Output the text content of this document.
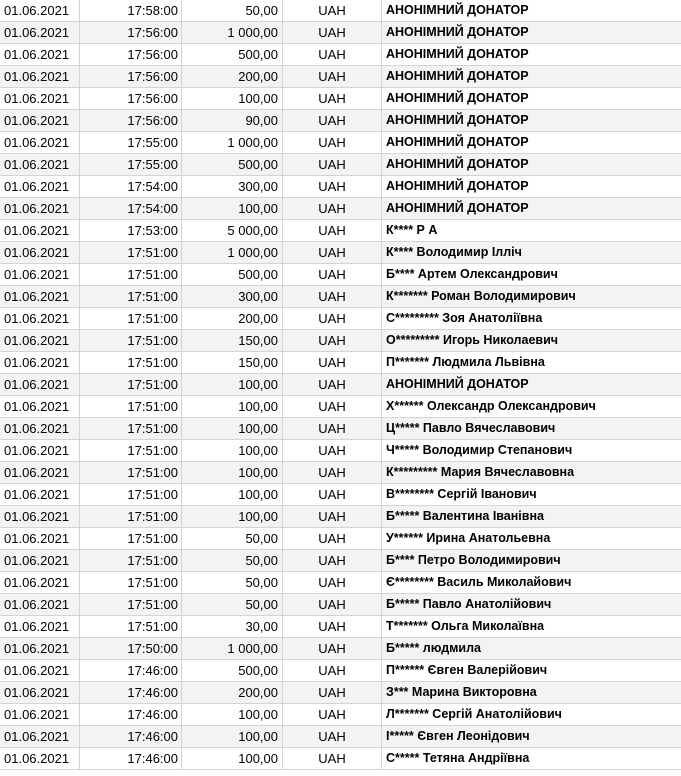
01.06.2021	17:58:00	50,00	UAH	АНОНІМНИЙ ДОНАТОР
01.06.2021	17:56:00	1 000,00	UAH	АНОНІМНИЙ ДОНАТОР
01.06.2021	17:56:00	500,00	UAH	АНОНІМНИЙ ДОНАТОР
01.06.2021	17:56:00	200,00	UAH	АНОНІМНИЙ ДОНАТОР
01.06.2021	17:56:00	100,00	UAH	АНОНІМНИЙ ДОНАТОР
01.06.2021	17:56:00	90,00	UAH	АНОНІМНИЙ ДОНАТОР
01.06.2021	17:55:00	1 000,00	UAH	АНОНІМНИЙ ДОНАТОР
01.06.2021	17:55:00	500,00	UAH	АНОНІМНИЙ ДОНАТОР
01.06.2021	17:54:00	300,00	UAH	АНОНІМНИЙ ДОНАТОР
01.06.2021	17:54:00	100,00	UAH	АНОНІМНИЙ ДОНАТОР
01.06.2021	17:53:00	5 000,00	UAH	К**** Р А
01.06.2021	17:51:00	1 000,00	UAH	К**** Володимир Ілліч
01.06.2021	17:51:00	500,00	UAH	Б**** Артем Олександрович
01.06.2021	17:51:00	300,00	UAH	К******* Роман Володимирович
01.06.2021	17:51:00	200,00	UAH	С********* Зоя Анатоліївна
01.06.2021	17:51:00	150,00	UAH	О********* Игорь Николаевич
01.06.2021	17:51:00	150,00	UAH	П******* Людмила Львівна
01.06.2021	17:51:00	100,00	UAH	АНОНІМНИЙ ДОНАТОР
01.06.2021	17:51:00	100,00	UAH	Х****** Олександр Олександрович
01.06.2021	17:51:00	100,00	UAH	Ц***** Павло Вячеславович
01.06.2021	17:51:00	100,00	UAH	Ч***** Володимир Степанович
01.06.2021	17:51:00	100,00	UAH	К********* Мария Вячеславовна
01.06.2021	17:51:00	100,00	UAH	В******** Сергій Іванович
01.06.2021	17:51:00	100,00	UAH	Б***** Валентина Іванівна
01.06.2021	17:51:00	50,00	UAH	У****** Ирина Анатольевна
01.06.2021	17:51:00	50,00	UAH	Б**** Петро Володимирович
01.06.2021	17:51:00	50,00	UAH	Є******** Василь Миколайович
01.06.2021	17:51:00	50,00	UAH	Б***** Павло Анатолійович
01.06.2021	17:51:00	30,00	UAH	Т******* Ольга Миколаївна
01.06.2021	17:50:00	1 000,00	UAH	Б***** людмила
01.06.2021	17:46:00	500,00	UAH	П****** Євген Валерійович
01.06.2021	17:46:00	200,00	UAH	З*** Марина Викторовна
01.06.2021	17:46:00	100,00	UAH	Л******* Сергій Анатолійович
01.06.2021	17:46:00	100,00	UAH	І***** Євген Леонідович
01.06.2021	17:46:00	100,00	UAH	С***** Тетяна Андріївна
